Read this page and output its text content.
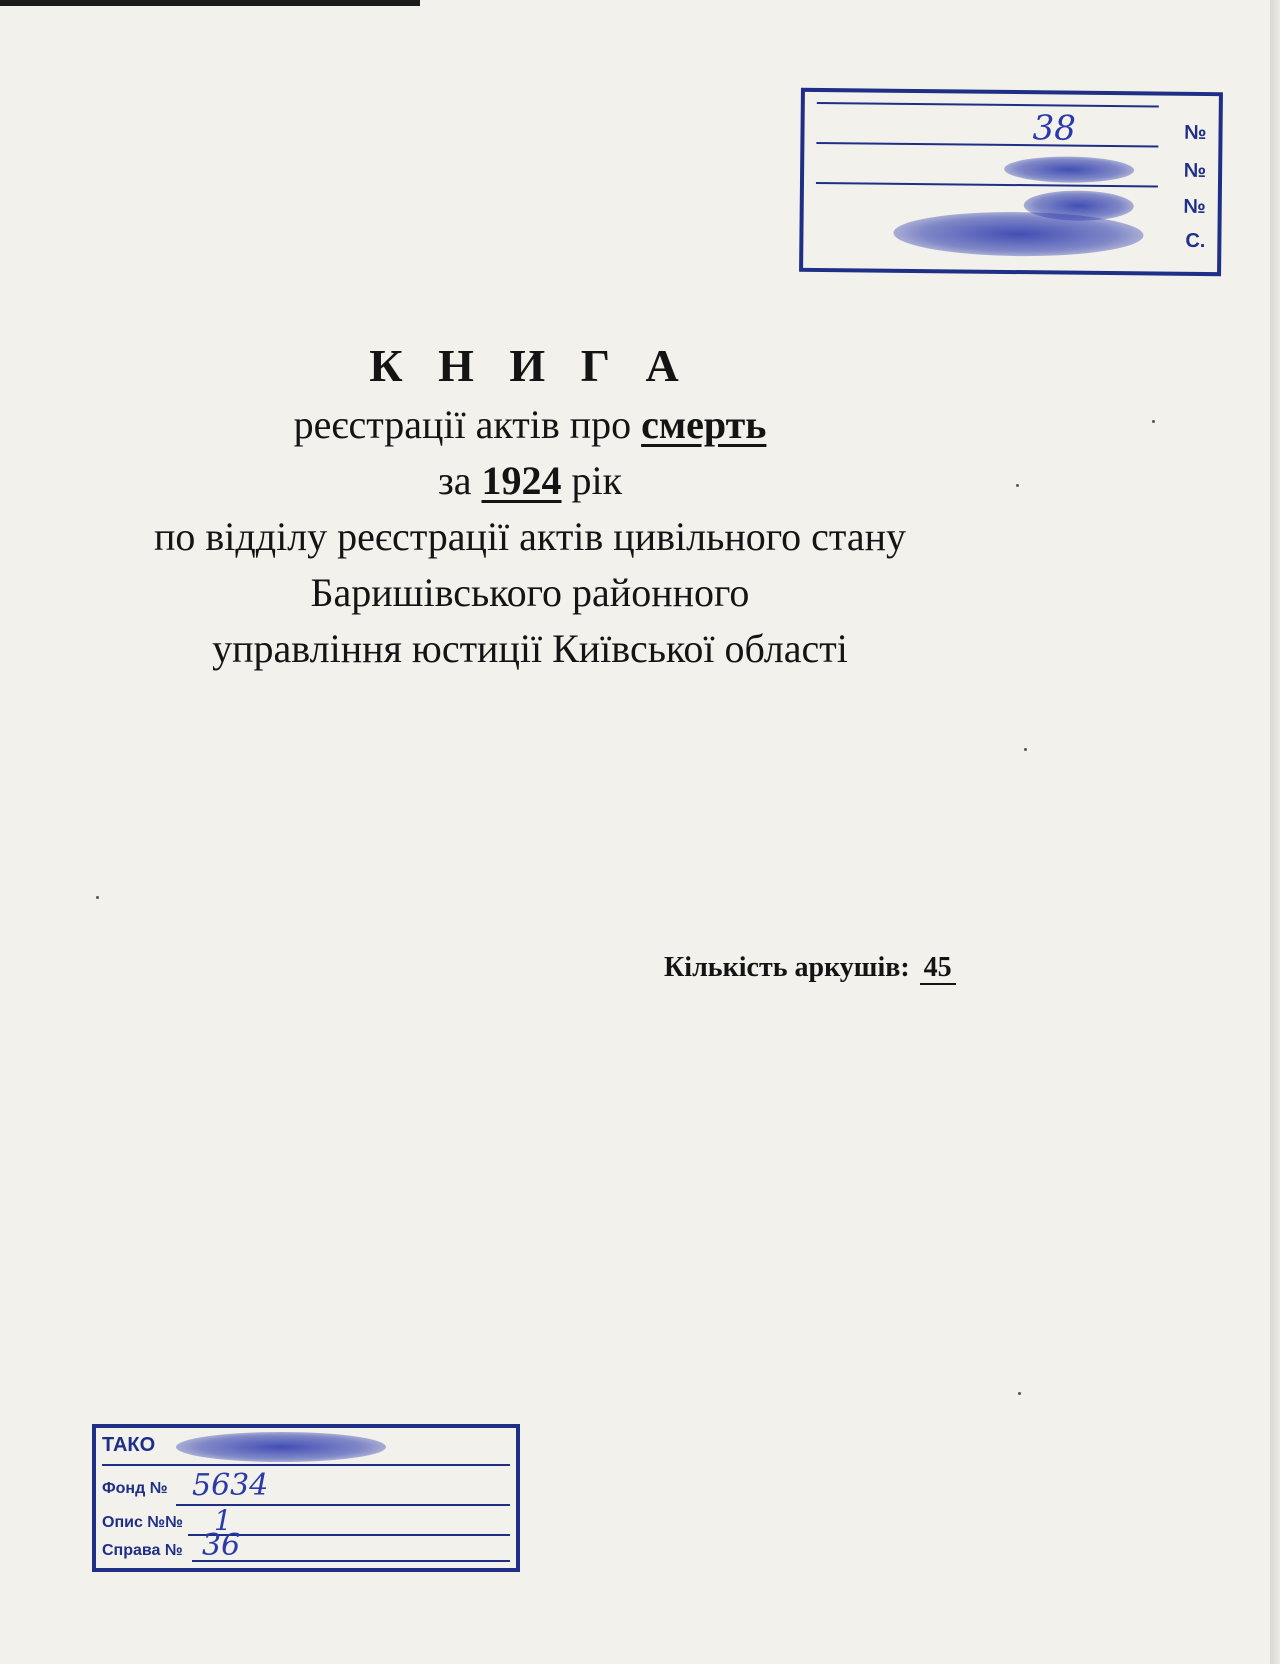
№
№
№
С.
38

К Н И Г А

реєстрації актів про смерть

за 1924 рік

по відділу реєстрації актів цивільного стану

Баришівського районного

управління юстиції Київської області

Кількість аркушів: 45
ТАКО
Фонд № 5634
Опис №№ 1
Справа № 36
